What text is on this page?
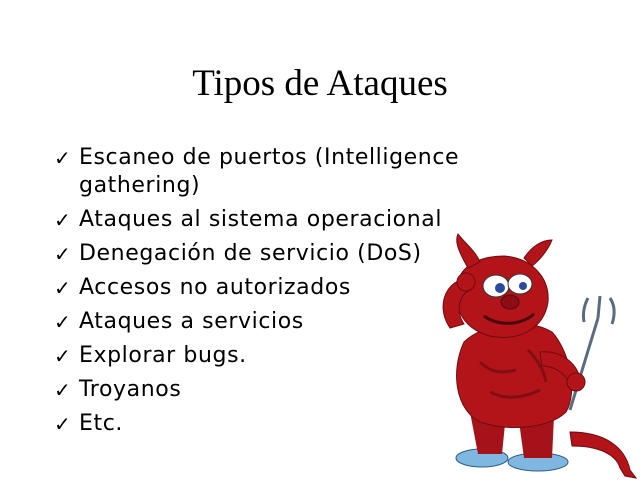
Tipos de Ataques
✓ Escaneo de puertos (Intelligence gathering)
✓ Ataques al sistema operacional
✓ Denegación de servicio (DoS)
✓ Accesos no autorizados
✓ Ataques a servicios
✓ Explorar bugs.
✓ Troyanos
✓ Etc.
